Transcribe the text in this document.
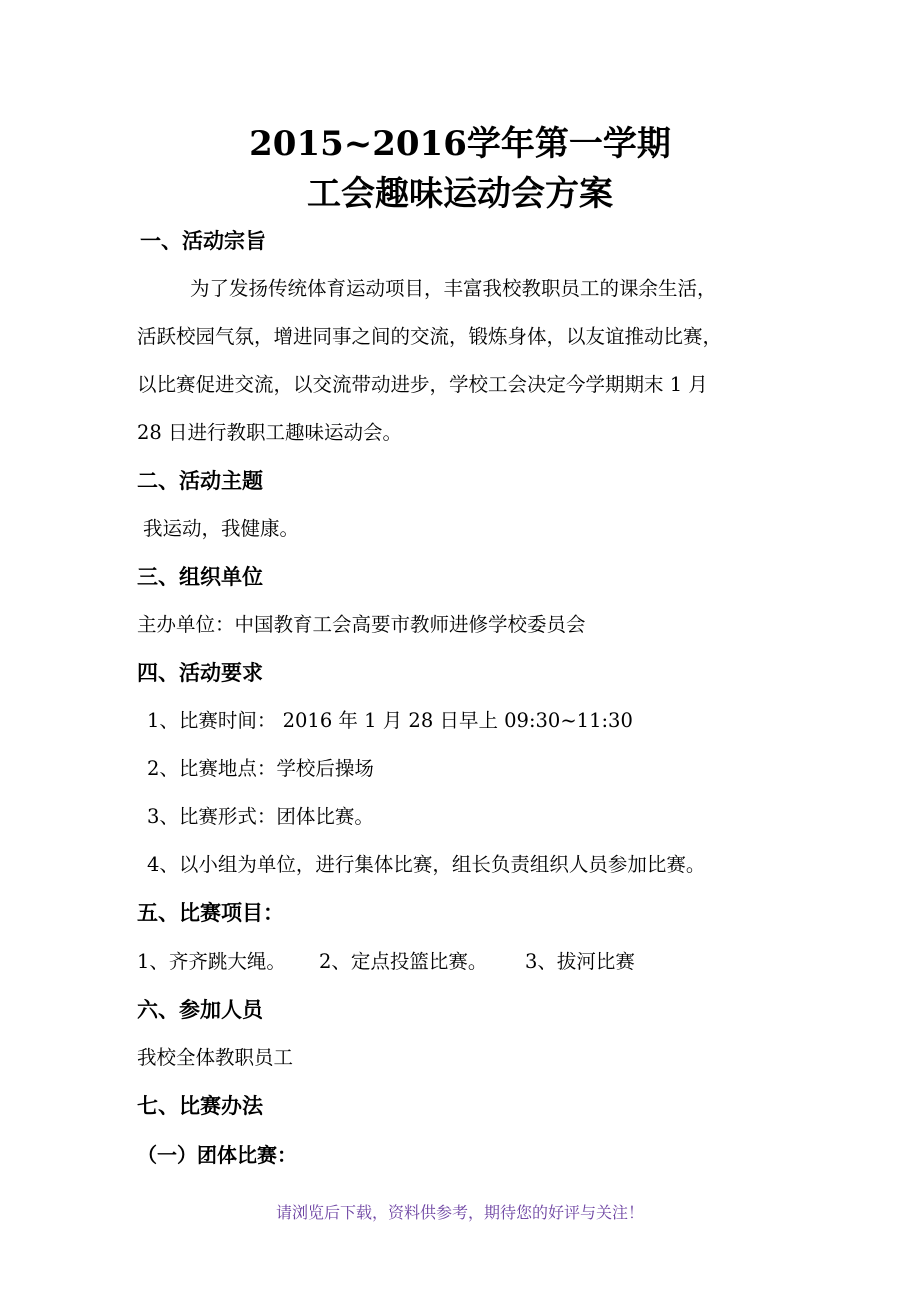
2015~2016学年第一学期
工会趣味运动会方案
一、活动宗旨
为了发扬传统体育运动项目，丰富我校教职员工的课余生活，
活跃校园气氛，增进同事之间的交流，锻炼身体，以友谊推动比赛，
以比赛促进交流，以交流带动进步，学校工会决定今学期期末 1 月
28 日进行教职工趣味运动会。
二、活动主题
我运动，我健康。
三、组织单位
主办单位：中国教育工会高要市教师进修学校委员会
四、活动要求
1、比赛时间： 2016 年 1 月 28 日早上 09:30~11:30
2、比赛地点：学校后操场
3、比赛形式：团体比赛。
4、以小组为单位，进行集体比赛，组长负责组织人员参加比赛。
五、比赛项目：
1、齐齐跳大绳。 2、定点投篮比赛。 3、拔河比赛
六、参加人员
我校全体教职员工
七、比赛办法
（一）团体比赛：
请浏览后下载，资料供参考，期待您的好评与关注！
